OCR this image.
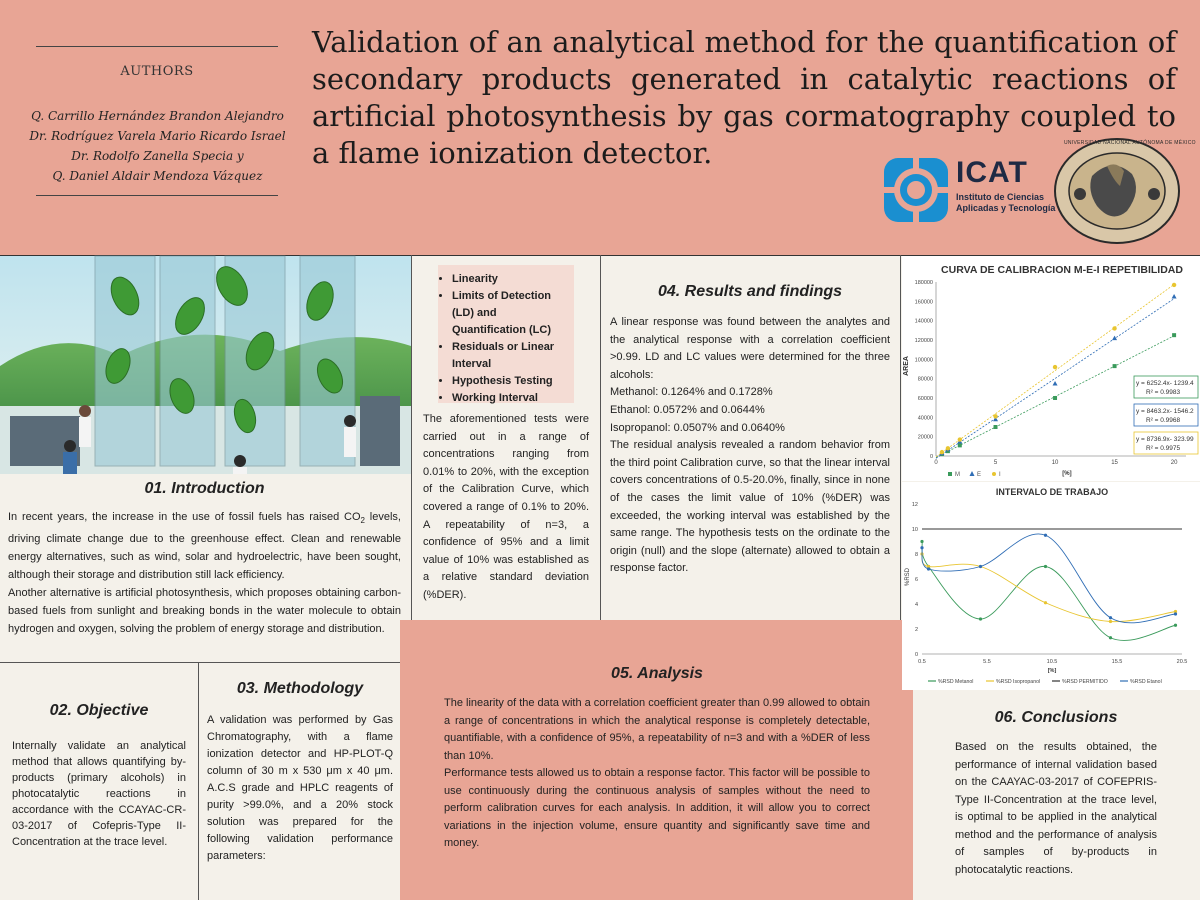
AUTHORS
Q. Carrillo Hernández Brandon Alejandro
Dr. Rodríguez Varela Mario Ricardo Israel
Dr. Rodolfo Zanella Specia y
Q. Daniel Aldair Mendoza Vázquez
Validation of an analytical method for the quantification of secondary products generated in catalytic reactions of artificial photosynthesis by gas cormatography coupled to a flame ionization detector.
ICAT
Instituto de Ciencias
Aplicadas y Tecnología
UNIVERSIDAD NACIONAL AUTÓNOMA DE MÉXICO
01. Introduction

In recent years, the increase in the use of fossil fuels has raised $CO_2$ levels, driving climate change due to the greenhouse effect. Clean and renewable energy alternatives, such as wind, solar and hydroelectric, have been sought, although their storage and distribution still lack efficiency.

Another alternative is artificial photosynthesis, which proposes obtaining carbon-based fuels from sunlight and breaking bonds in the water molecule to obtain hydrogen and oxygen, solving the problem of energy storage and distribution.

02. Objective

Internally validate an analytical method that allows quantifying by-products (primary alcohols) in photocatalytic reactions in accordance with the CCAYAC-CR-03-2017 of Cofepris-Type II-Concentration at the trace level.

03. Methodology

A validation was performed by Gas Chromatography, with a flame ionization detector and HP-PLOT-Q column of 30 m x 530 μm x 40 μm. A.C.S grade and HPLC reagents of purity >99.0%, and a 20% stock solution was prepared for the following validation performance parameters:

• Linearity
• Limits of Detection (LD) and Quantification (LC)
• Residuals or Linear Interval
• Hypothesis Testing
• Working Interval

The aforementioned tests were carried out in a range of concentrations ranging from 0.01% to 20%, with the exception of the Calibration Curve, which covered a range of 0.1% to 20%. A repeatability of n=3, a confidence of 95% and a limit value of 10% was established as a relative standard deviation (%DER).

04. Results and findings

A linear response was found between the analytes and the analytical response with a correlation coefficient >0.99. LD and LC values were determined for the three alcohols:

Methanol: 0.1264% and 0.1728%

Ethanol: 0.0572% and 0.0644%

Isopropanol: 0.0507% and 0.0640%

The residual analysis revealed a random behavior from the third point Calibration curve, so that the linear interval covers concentrations of 0.5-20.0%, finally, since in none of the cases the limit value of 10% (%DER) was exceeded, the working interval was established by the same range. The hypothesis tests on the ordinate to the origin (null) and the slope (alternate) allowed to obtain a response factor.

05. Analysis

The linearity of the data with a correlation coefficient greater than 0.99 allowed to obtain a range of concentrations in which the analytical response is completely detectable, quantifiable, with a confidence of 95%, a repeatability of n=3 and with a %DER of less than 10%.

Performance tests allowed us to obtain a response factor. This factor will be possible to use continuously during the continuous analysis of samples without the need to perform calibration curves for each analysis. In addition, it will allow you to correct variations in the injection volume, ensure quantity and significantly save time and money.

06. Conclusions

Based on the results obtained, the performance of internal validation based on the CAAYAC-03-2017 of COFEPRIS-Type II-Concentration at the trace level, is optimal to be applied in the analytical method and the performance of analysis of samples of by-products in photocatalytic reactions.

CURVA DE CALIBRACION M-E-I REPETIBILIDAD
AREA
0
20000
40000
60000
80000
100000
120000
140000
160000
180000
0	5	10	15	20
[%]
y = 6252.4x- 1239.4
R² = 0.9983
y = 8463.2x- 1546.2
R² = 0.9968
y = 8736.9x- 323.99
R² = 0.9975
M	E	I
INTERVALO DE TRABAJO
%RSD
0
2
4
6
8
10
12
0.5	5.5	10.5	15.5	20.5
[%]
%RSD Metanol	%RSD Isopropanol	%RSD PERMITIDO	%RSD Etanol
